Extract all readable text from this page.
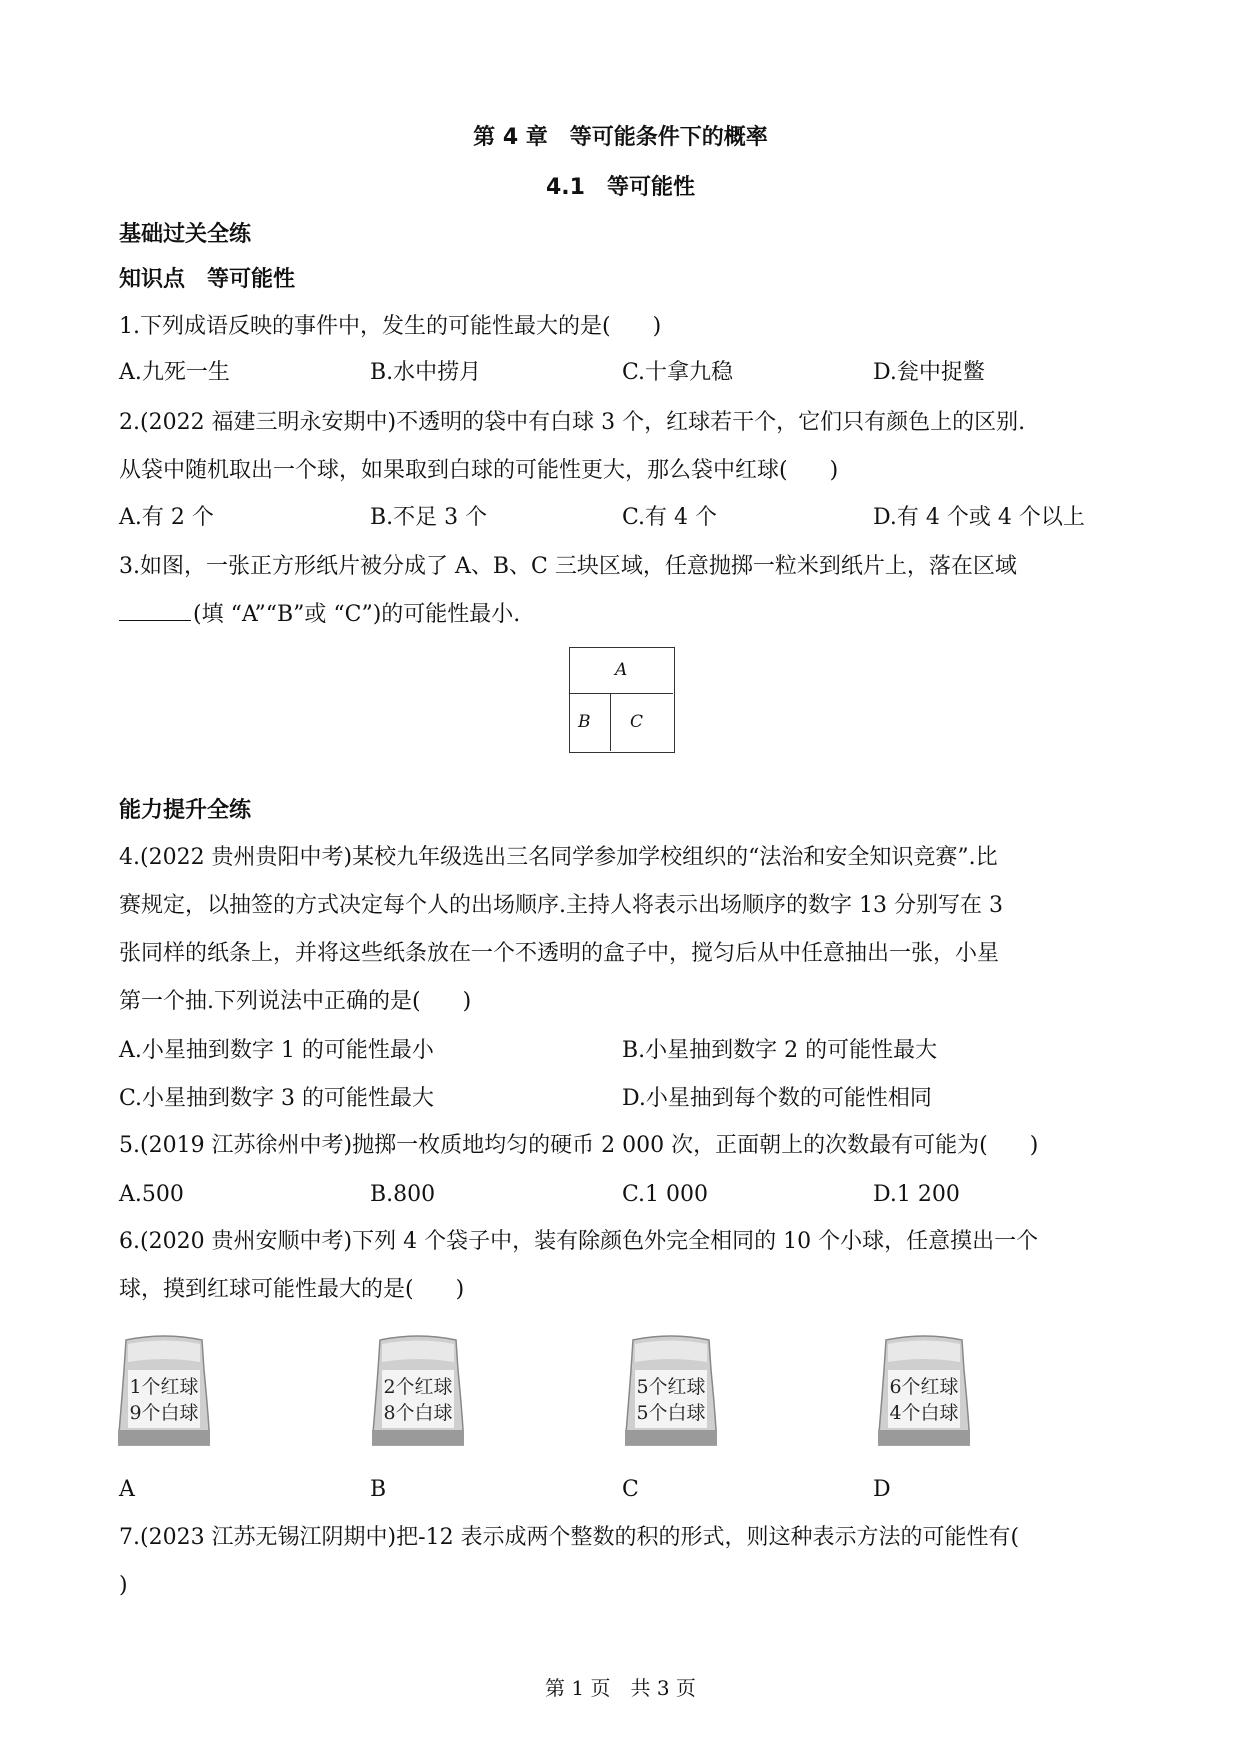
第 4 章　等可能条件下的概率
4.1　等可能性
基础过关全练
知识点　等可能性
1.下列成语反映的事件中，发生的可能性最大的是( )
A.九死一生	B.水中捞月	C.十拿九稳	D.瓮中捉鳖
2.(2022 福建三明永安期中)不透明的袋中有白球 3 个，红球若干个，它们只有颜色上的区别.
从袋中随机取出一个球，如果取到白球的可能性更大，那么袋中红球( )
A.有 2 个	B.不足 3 个	C.有 4 个	D.有 4 个或 4 个以上
3.如图，一张正方形纸片被分成了 A、B、C 三块区域，任意抛掷一粒米到纸片上，落在区域
(填 “A”“B”或 “C”)的可能性最小.
A
B C
能力提升全练
4.(2022 贵州贵阳中考)某校九年级选出三名同学参加学校组织的“法治和安全知识竞赛”.比
赛规定，以抽签的方式决定每个人的出场顺序.主持人将表示出场顺序的数字 13 分别写在 3
张同样的纸条上，并将这些纸条放在一个不透明的盒子中，搅匀后从中任意抽出一张，小星
第一个抽.下列说法中正确的是( )
A.小星抽到数字 1 的可能性最小	B.小星抽到数字 2 的可能性最大
C.小星抽到数字 3 的可能性最大	D.小星抽到每个数的可能性相同
5.(2019 江苏徐州中考)抛掷一枚质地均匀的硬币 2 000 次，正面朝上的次数最有可能为( )
A.500	B.800	C.1 000	D.1 200
6.(2020 贵州安顺中考)下列 4 个袋子中，装有除颜色外完全相同的 10 个小球，任意摸出一个
球，摸到红球可能性最大的是( )
1个红球
9个白球
2个红球
8个白球
5个红球
5个白球
6个红球
4个白球
A	B	C	D
7.(2023 江苏无锡江阴期中)把-12 表示成两个整数的积的形式，则这种表示方法的可能性有(
)
第 1 页　共 3 页
